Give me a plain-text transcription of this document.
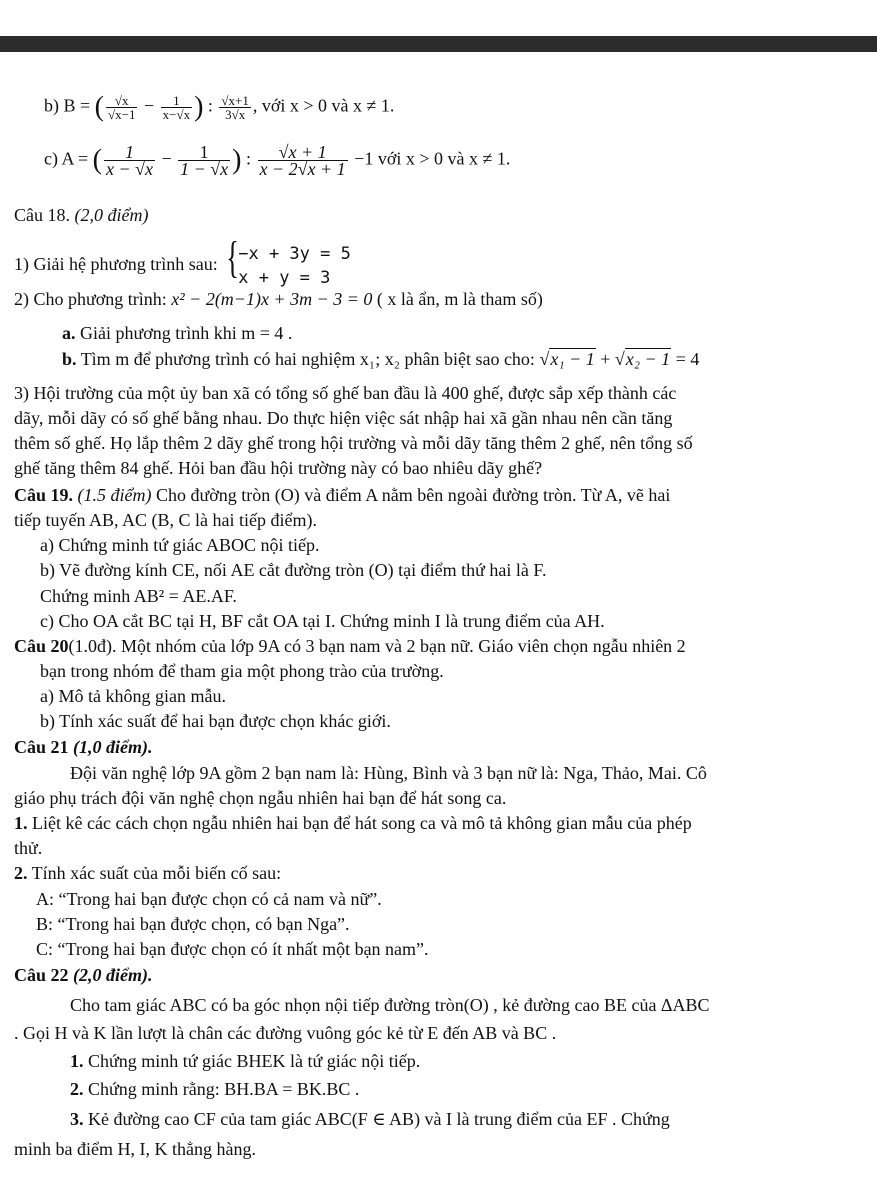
b) B = ( $\frac{√x}{√x-1} - \frac{1}{x-√x}$ ) : $\frac{√x+1}{3√x}$ , với x > 0 và x ≠ 1.
c) A = ( $\frac{1}{x - √x} - \frac{1}{1 - √x}$ ) : $\frac{√x + 1}{x - 2√x + 1} -1$ với x > 0 và x ≠ 1.
Câu 18. (2,0 điểm)
1) Giải hệ phương trình sau: { −x + 3y = 5
x + y = 3
2) Cho phương trình: x² − 2(m−1)x + 3m − 3 = 0 ( x là ẩn, m là tham số)
a. Giải phương trình khi m = 4 .
b. Tìm m để phương trình có hai nghiệm x₁; x₂ phân biệt sao cho: √x₁ − 1 + √x₂ − 1 = 4
3) Hội trường của một ủy ban xã có tổng số ghế ban đầu là 400 ghế, được sắp xếp thành các
dãy, mỗi dãy có số ghế bằng nhau. Do thực hiện việc sát nhập hai xã gần nhau nên cần tăng
thêm số ghế. Họ lắp thêm 2 dãy ghế trong hội trường và mỗi dãy tăng thêm 2 ghế, nên tổng số
ghế tăng thêm 84 ghế. Hỏi ban đầu hội trường này có bao nhiêu dãy ghế?
Câu 19. (1.5 điểm) Cho đường tròn (O) và điểm A nằm bên ngoài đường tròn. Từ A, vẽ hai
tiếp tuyến AB, AC (B, C là hai tiếp điểm).
a) Chứng minh tứ giác ABOC nội tiếp.
b) Vẽ đường kính CE, nối AE cắt đường tròn (O) tại điểm thứ hai là F.
Chứng minh AB² = AE.AF.
c) Cho OA cắt BC tại H, BF cắt OA tại I. Chứng minh I là trung điểm của AH.
Câu 20(1.0đ). Một nhóm của lớp 9A có 3 bạn nam và 2 bạn nữ. Giáo viên chọn ngẫu nhiên 2
bạn trong nhóm để tham gia một phong trào của trường.
a) Mô tả không gian mẫu.
b) Tính xác suất để hai bạn được chọn khác giới.
Câu 21 (1,0 điểm).
Đội văn nghệ lớp 9A gồm 2 bạn nam là: Hùng, Bình và 3 bạn nữ là: Nga, Thảo, Mai. Cô
giáo phụ trách đội văn nghệ chọn ngẫu nhiên hai bạn để hát song ca.
1. Liệt kê các cách chọn ngẫu nhiên hai bạn để hát song ca và mô tả không gian mẫu của phép
thử.
2. Tính xác suất của mỗi biến cố sau:
A: “Trong hai bạn được chọn có cả nam và nữ”.
B: “Trong hai bạn được chọn, có bạn Nga”.
C: “Trong hai bạn được chọn có ít nhất một bạn nam”.
Câu 22 (2,0 điểm).
Cho tam giác ABC có ba góc nhọn nội tiếp đường tròn(O) , kẻ đường cao BE của ΔABC
. Gọi H và K lần lượt là chân các đường vuông góc kẻ từ E đến AB và BC .
1. Chứng minh tứ giác BHEK là tứ giác nội tiếp.
2. Chứng minh rằng: BH.BA = BK.BC .
3. Kẻ đường cao CF của tam giác ABC(F ∈ AB) và I là trung điểm của EF . Chứng
minh ba điểm H, I, K thẳng hàng.
